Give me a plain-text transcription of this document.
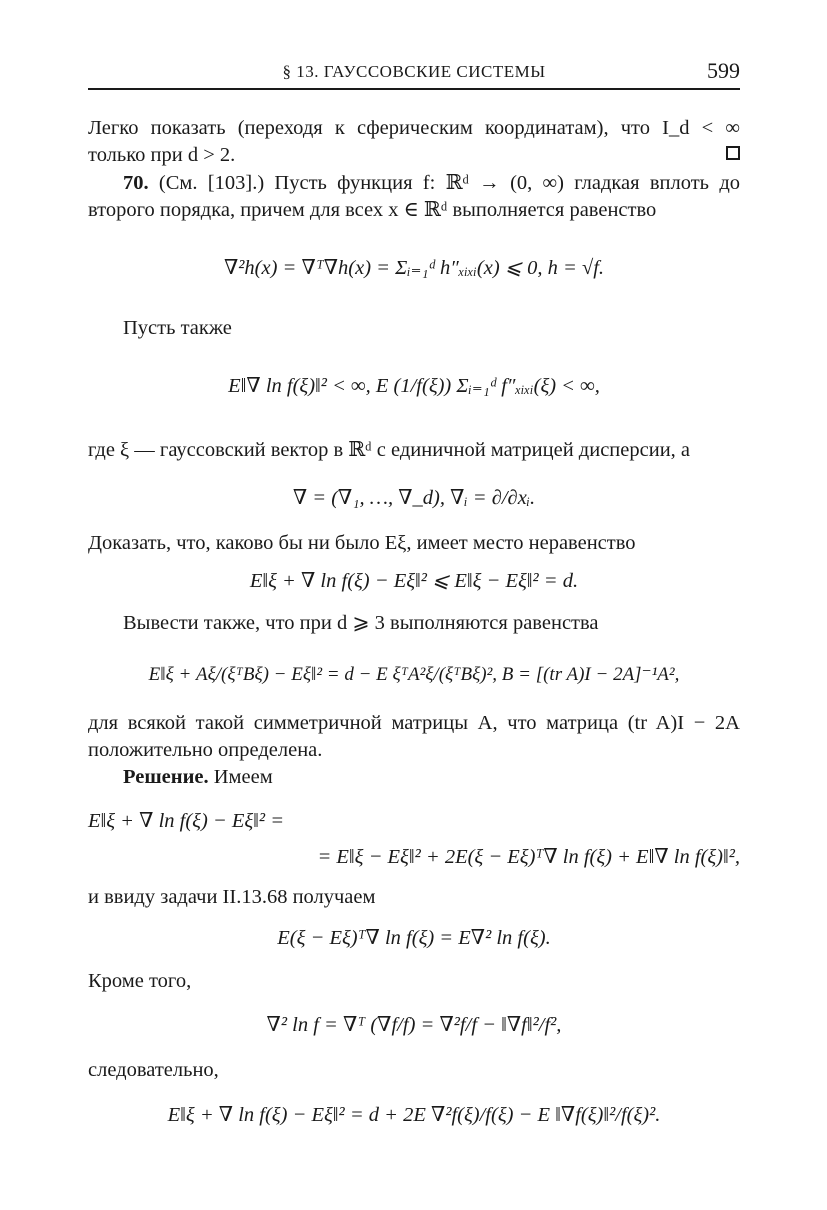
§ 13. ГАУССОВСКИЕ СИСТЕМЫ	599
Легко показать (переходя к сферическим координатам), что I_d < ∞
только при d > 2.
70. (См. [103].) Пусть функция f: ℝᵈ → (0, ∞) гладкая вплоть до
второго порядка, причем для всех x ∈ ℝᵈ выполняется равенство
∇²h(x) = ∇ᵀ∇h(x) = Σᵢ₌₁ᵈ h″ₓᵢₓᵢ(x) ⩽ 0, h = √f.
Пусть также
E‖∇ ln f(ξ)‖² < ∞, E (1/f(ξ)) Σᵢ₌₁ᵈ f″ₓᵢₓᵢ(ξ) < ∞,
где ξ — гауссовский вектор в ℝᵈ с единичной матрицей дисперсии, а
∇ = (∇₁, …, ∇_d), ∇ᵢ = ∂/∂xᵢ.
Доказать, что, каково бы ни было Eξ, имеет место неравенство
E‖ξ + ∇ ln f(ξ) − Eξ‖² ⩽ E‖ξ − Eξ‖² = d.
Вывести также, что при d ⩾ 3 выполняются равенства
E‖ξ + Aξ/(ξᵀBξ) − Eξ‖² = d − E ξᵀA²ξ/(ξᵀBξ)², B = [(tr A)I − 2A]⁻¹A²,
для всякой такой симметричной матрицы A, что матрица (tr A)I − 2A
положительно определена.
Решение. Имеем
E‖ξ + ∇ ln f(ξ) − Eξ‖² =
= E‖ξ − Eξ‖² + 2E(ξ − Eξ)ᵀ∇ ln f(ξ) + E‖∇ ln f(ξ)‖²,
и ввиду задачи II.13.68 получаем
E(ξ − Eξ)ᵀ∇ ln f(ξ) = E∇² ln f(ξ).
Кроме того,
∇² ln f = ∇ᵀ (∇f/f) = ∇²f/f − ‖∇f‖²/f²,
следовательно,
E‖ξ + ∇ ln f(ξ) − Eξ‖² = d + 2E ∇²f(ξ)/f(ξ) − E ‖∇f(ξ)‖²/f(ξ)².
